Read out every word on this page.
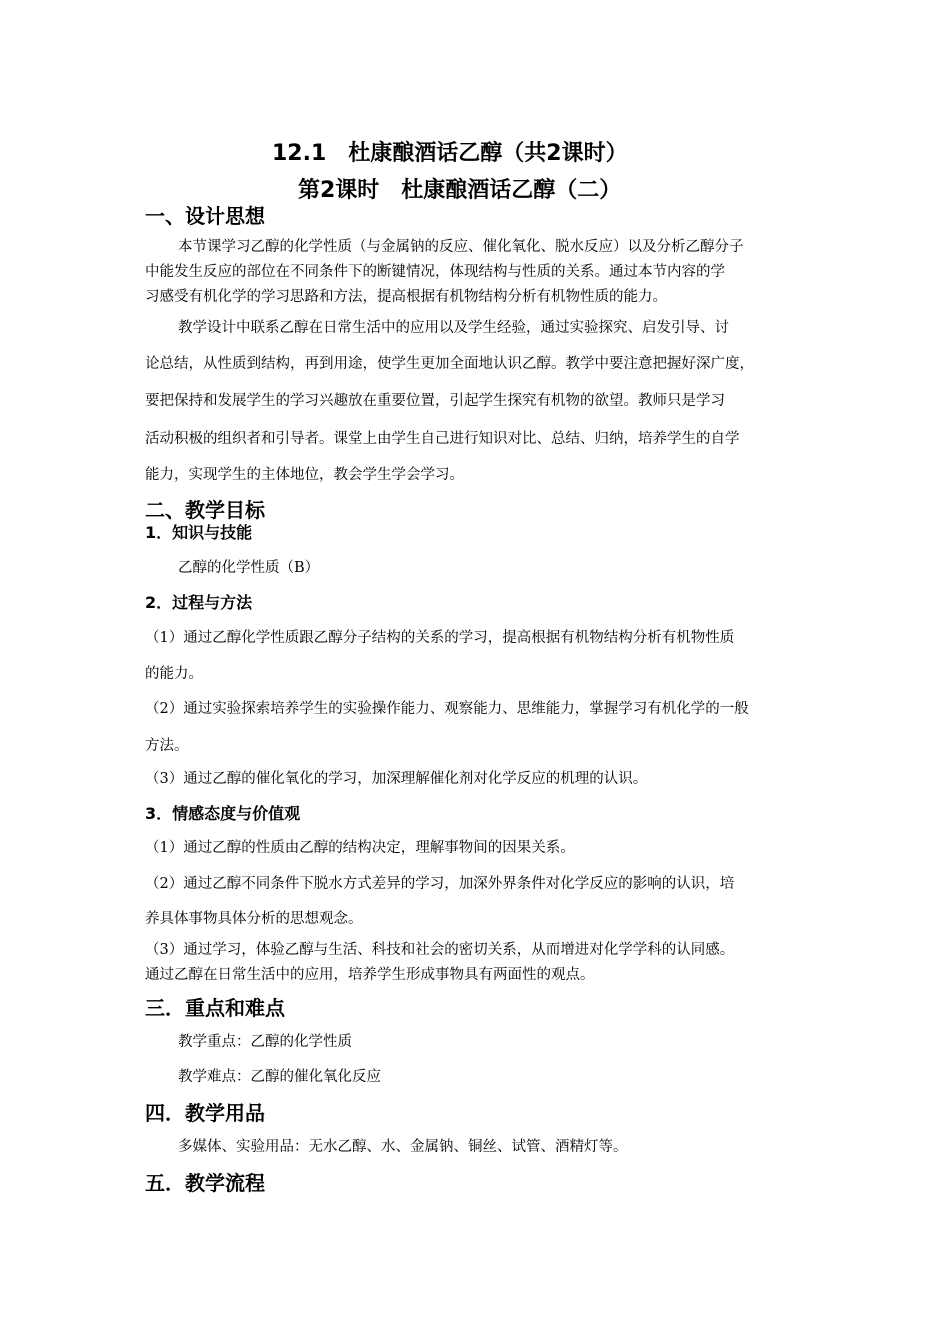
12.1　杜康酿酒话乙醇（共2课时）
第2课时　杜康酿酒话乙醇（二）
一、设计思想
本节课学习乙醇的化学性质（与金属钠的反应、催化氧化、脱水反应）以及分析乙醇分子
中能发生反应的部位在不同条件下的断键情况，体现结构与性质的关系。通过本节内容的学
习感受有机化学的学习思路和方法，提高根据有机物结构分析有机物性质的能力。
教学设计中联系乙醇在日常生活中的应用以及学生经验，通过实验探究、启发引导、讨
论总结，从性质到结构，再到用途，使学生更加全面地认识乙醇。教学中要注意把握好深广度，
要把保持和发展学生的学习兴趣放在重要位置，引起学生探究有机物的欲望。教师只是学习
活动积极的组织者和引导者。课堂上由学生自己进行知识对比、总结、归纳，培养学生的自学
能力，实现学生的主体地位，教会学生学会学习。
二、教学目标
1．知识与技能
乙醇的化学性质（B）
2．过程与方法
（1）通过乙醇化学性质跟乙醇分子结构的关系的学习，提高根据有机物结构分析有机物性质
的能力。
（2）通过实验探索培养学生的实验操作能力、观察能力、思维能力，掌握学习有机化学的一般
方法。
（3）通过乙醇的催化氧化的学习，加深理解催化剂对化学反应的机理的认识。
3．情感态度与价值观
（1）通过乙醇的性质由乙醇的结构决定，理解事物间的因果关系。
（2）通过乙醇不同条件下脱水方式差异的学习，加深外界条件对化学反应的影响的认识，培
养具体事物具体分析的思想观念。
（3）通过学习，体验乙醇与生活、科技和社会的密切关系，从而增进对化学学科的认同感。
通过乙醇在日常生活中的应用，培养学生形成事物具有两面性的观点。
三．重点和难点
教学重点：乙醇的化学性质
教学难点：乙醇的催化氧化反应
四．教学用品
多媒体、实验用品：无水乙醇、水、金属钠、铜丝、试管、酒精灯等。
五．教学流程
